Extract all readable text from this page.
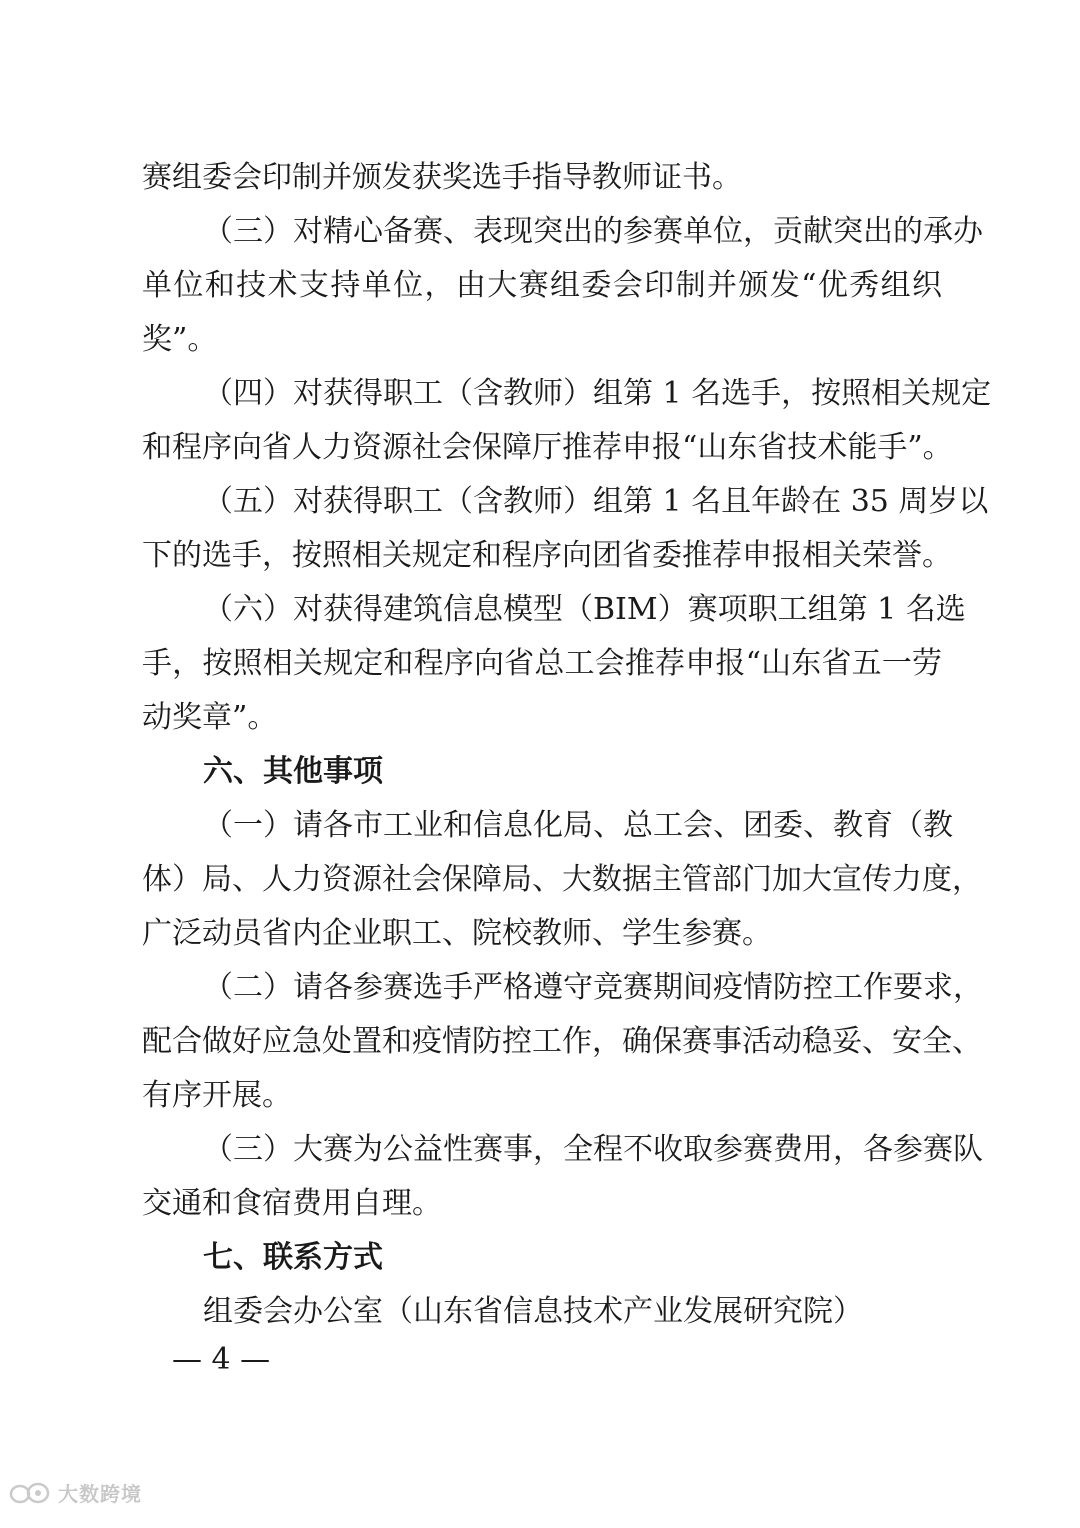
赛组委会印制并颁发获奖选手指导教师证书。
（三）对精心备赛、表现突出的参赛单位，贡献突出的承办
单位和技术支持单位，由大赛组委会印制并颁发“优秀组织
奖”。
（四）对获得职工（含教师）组第 1 名选手，按照相关规定
和程序向省人力资源社会保障厅推荐申报“山东省技术能手”。
（五）对获得职工（含教师）组第 1 名且年龄在 35 周岁以
下的选手，按照相关规定和程序向团省委推荐申报相关荣誉。
（六）对获得建筑信息模型（BIM）赛项职工组第 1 名选
手，按照相关规定和程序向省总工会推荐申报“山东省五一劳
动奖章”。
六、其他事项
（一）请各市工业和信息化局、总工会、团委、教育（教
体）局、人力资源社会保障局、大数据主管部门加大宣传力度，
广泛动员省内企业职工、院校教师、学生参赛。
（二）请各参赛选手严格遵守竞赛期间疫情防控工作要求，
配合做好应急处置和疫情防控工作，确保赛事活动稳妥、安全、
有序开展。
（三）大赛为公益性赛事，全程不收取参赛费用，各参赛队
交通和食宿费用自理。
七、联系方式
组委会办公室（山东省信息技术产业发展研究院）
— 4 —
大数跨境
